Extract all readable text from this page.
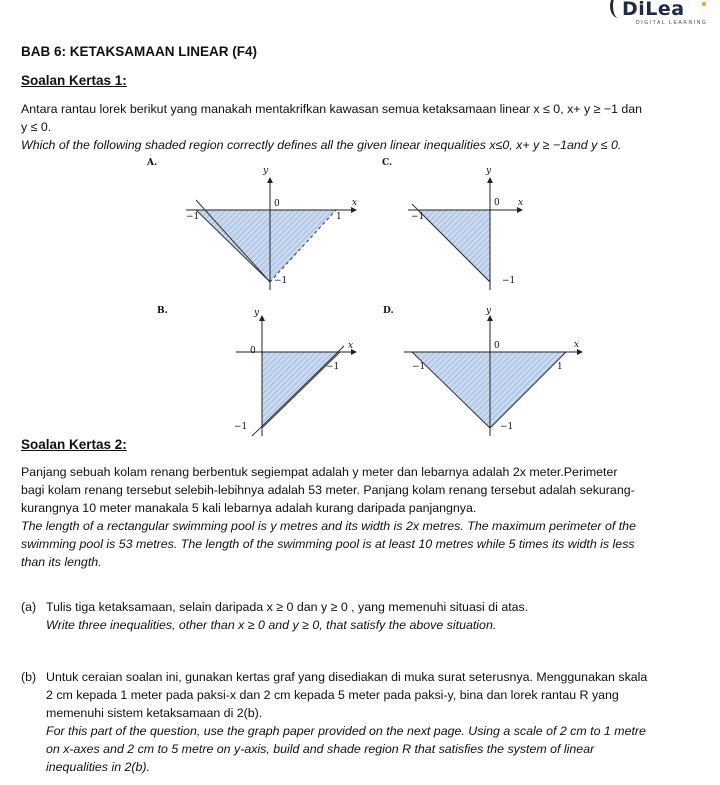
DiLea
DIGITAL LEARNING
BAB 6: KETAKSAMAAN LINEAR (F4)
Soalan Kertas 1:
Antara rantau lorek berikut yang manakah mentakrifkan kawasan semua ketaksamaan linear x ≤ 0, x+ y ≥ −1 dan
y ≤ 0.
Which of the following shaded region correctly defines all the given linear inequalities x≤0, x+ y ≥ −1and y ≤ 0.
A.
−1
0
1
−1
x
y
C.
−1
0
−1
x
y
B.
0
−1
−1
x
y	D.
−1
0
1
−1
x
y
Soalan Kertas 2:
Panjang sebuah kolam renang berbentuk segiempat adalah y meter dan lebarnya adalah 2x meter.Perimeter
bagi kolam renang tersebut selebih-lebihnya adalah 53 meter. Panjang kolam renang tersebut adalah sekurang-
kurangnya 10 meter manakala 5 kali lebarnya adalah kurang daripada panjangnya.
The length of a rectangular swimming pool is y metres and its width is 2x metres. The maximum perimeter of the
swimming pool is 53 metres. The length of the swimming pool is at least 10 metres while 5 times its width is less
than its length.
(a) Tulis tiga ketaksamaan, selain daripada x ≥ 0 dan y ≥ 0 , yang memenuhi situasi di atas.
Write three inequalities, other than x ≥ 0 and y ≥ 0, that satisfy the above situation.
(b) Untuk ceraian soalan ini, gunakan kertas graf yang disediakan di muka surat seterusnya. Menggunakan skala
2 cm kepada 1 meter pada paksi-x dan 2 cm kepada 5 meter pada paksi-y, bina dan lorek rantau R yang
memenuhi sistem ketaksamaan di 2(b).
For this part of the question, use the graph paper provided on the next page. Using a scale of 2 cm to 1 metre
on x-axes and 2 cm to 5 metre on y-axis, build and shade region R that satisfies the system of linear
inequalities in 2(b).
